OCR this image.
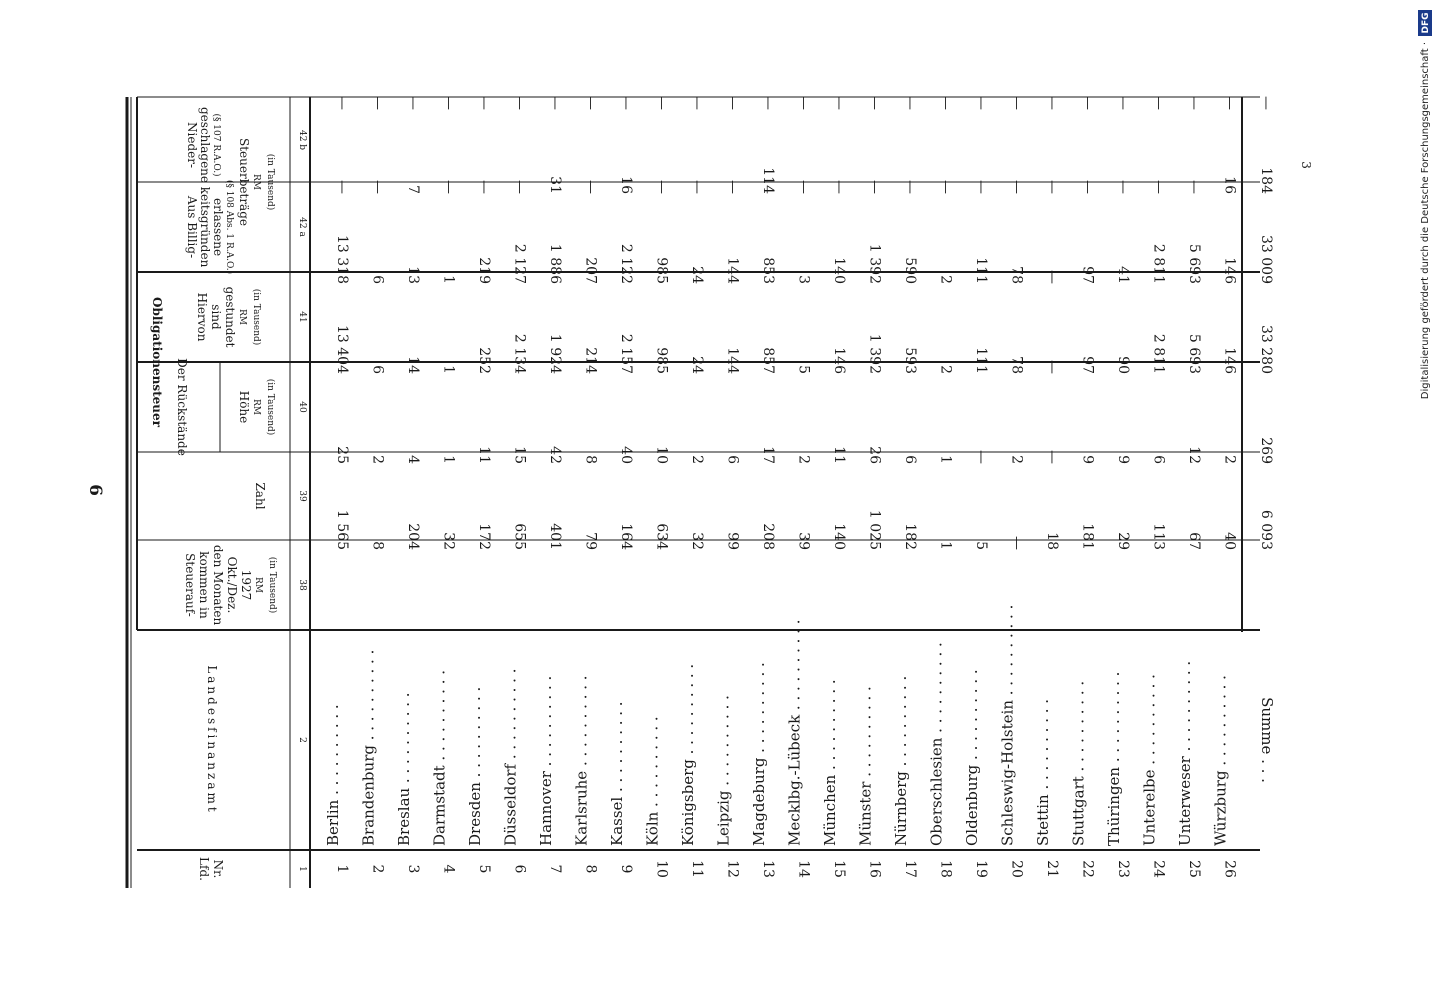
6
3
Obligationensteuer
Lfd. Nr.
Landesfinanzamt
Steuerauf- kommen in den Monaten Okt./Dez. 1927 RM (in Tausend)
Der Rückstände
Zahl
Höhe RM (in Tausend)
Hiervon sind gestundet RM (in Tausend)
Aus Billig- keitsgründen erlassene (§ 108 Abs. 1 R.A.O.)
Nieder- geschlagene (§ 107 R.A.O.) Steuerbeträge RM (in Tausend)
1
2
38
39
40
41
42 a
42 b
1
Berlin . . . . . . . . . .
1 565
25
13 404
13 318
—
—
2
Brandenburg . . . . . . . . . .
8
2
6
6
—
—
3
Breslau . . . . . . . . . .
204
4
14
13
7
—
4
Darmstadt . . . . . . . . . .
32
1
1
1
—
—
5
Dresden . . . . . . . . . .
172
11
252
219
—
—
6
Düsseldorf . . . . . . . . . .
655
15
2 134
2 127
—
—
7
Hannover . . . . . . . . . .
401
42
1 924
1 886
31
—
8
Karlsruhe . . . . . . . . . .
79
8
214
207
—
—
9
Kassel . . . . . . . . . .
164
40
2 157
2 122
16
—
10
Köln . . . . . . . . . .
634
10
985
985
—
—
11
Königsberg . . . . . . . . . .
32
2
24
24
—
—
12
Leipzig . . . . . . . . . .
99
6
144
144
—
—
13
Magdeburg . . . . . . . . . .
208
17
857
853
114
—
14
Mecklbg.-Lübeck . . . . . . . . . .
39
2
5
3
—
—
15
München . . . . . . . . . .
140
11
146
140
—
—
16
Münster . . . . . . . . . .
1 025
26
1 392
1 392
—
—
17
Nürnberg . . . . . . . . . .
182
6
593
590
—
—
18
Oberschlesien . . . . . . . . . .
1
1
2
2
—
—
19
Oldenburg . . . . . . . . . .
5
—
111
111
—
—
20
Schleswig-Holstein . . . . . . . . . .
—
2
78
78
—
—
21
Stettin . . . . . . . . . .
18
—
—
—
—
—
22
Stuttgart . . . . . . . . . .
181
9
97
97
—
—
23
Thüringen . . . . . . . . . .
29
9
90
41
—
—
24
Unterelbe . . . . . . . . . .
113
6
2 811
2 811
—
—
25
Unterweser . . . . . . . . . .
67
12
5 693
5 693
—
—
26
Würzburg . . . . . . . . . .
40
2
146
146
16
—
Summe . . .
6 093
269
33 280
33 009
184
—
DFG
Digitalisierung gefördert durch die Deutsche Forschungsgemeinschaft ·
